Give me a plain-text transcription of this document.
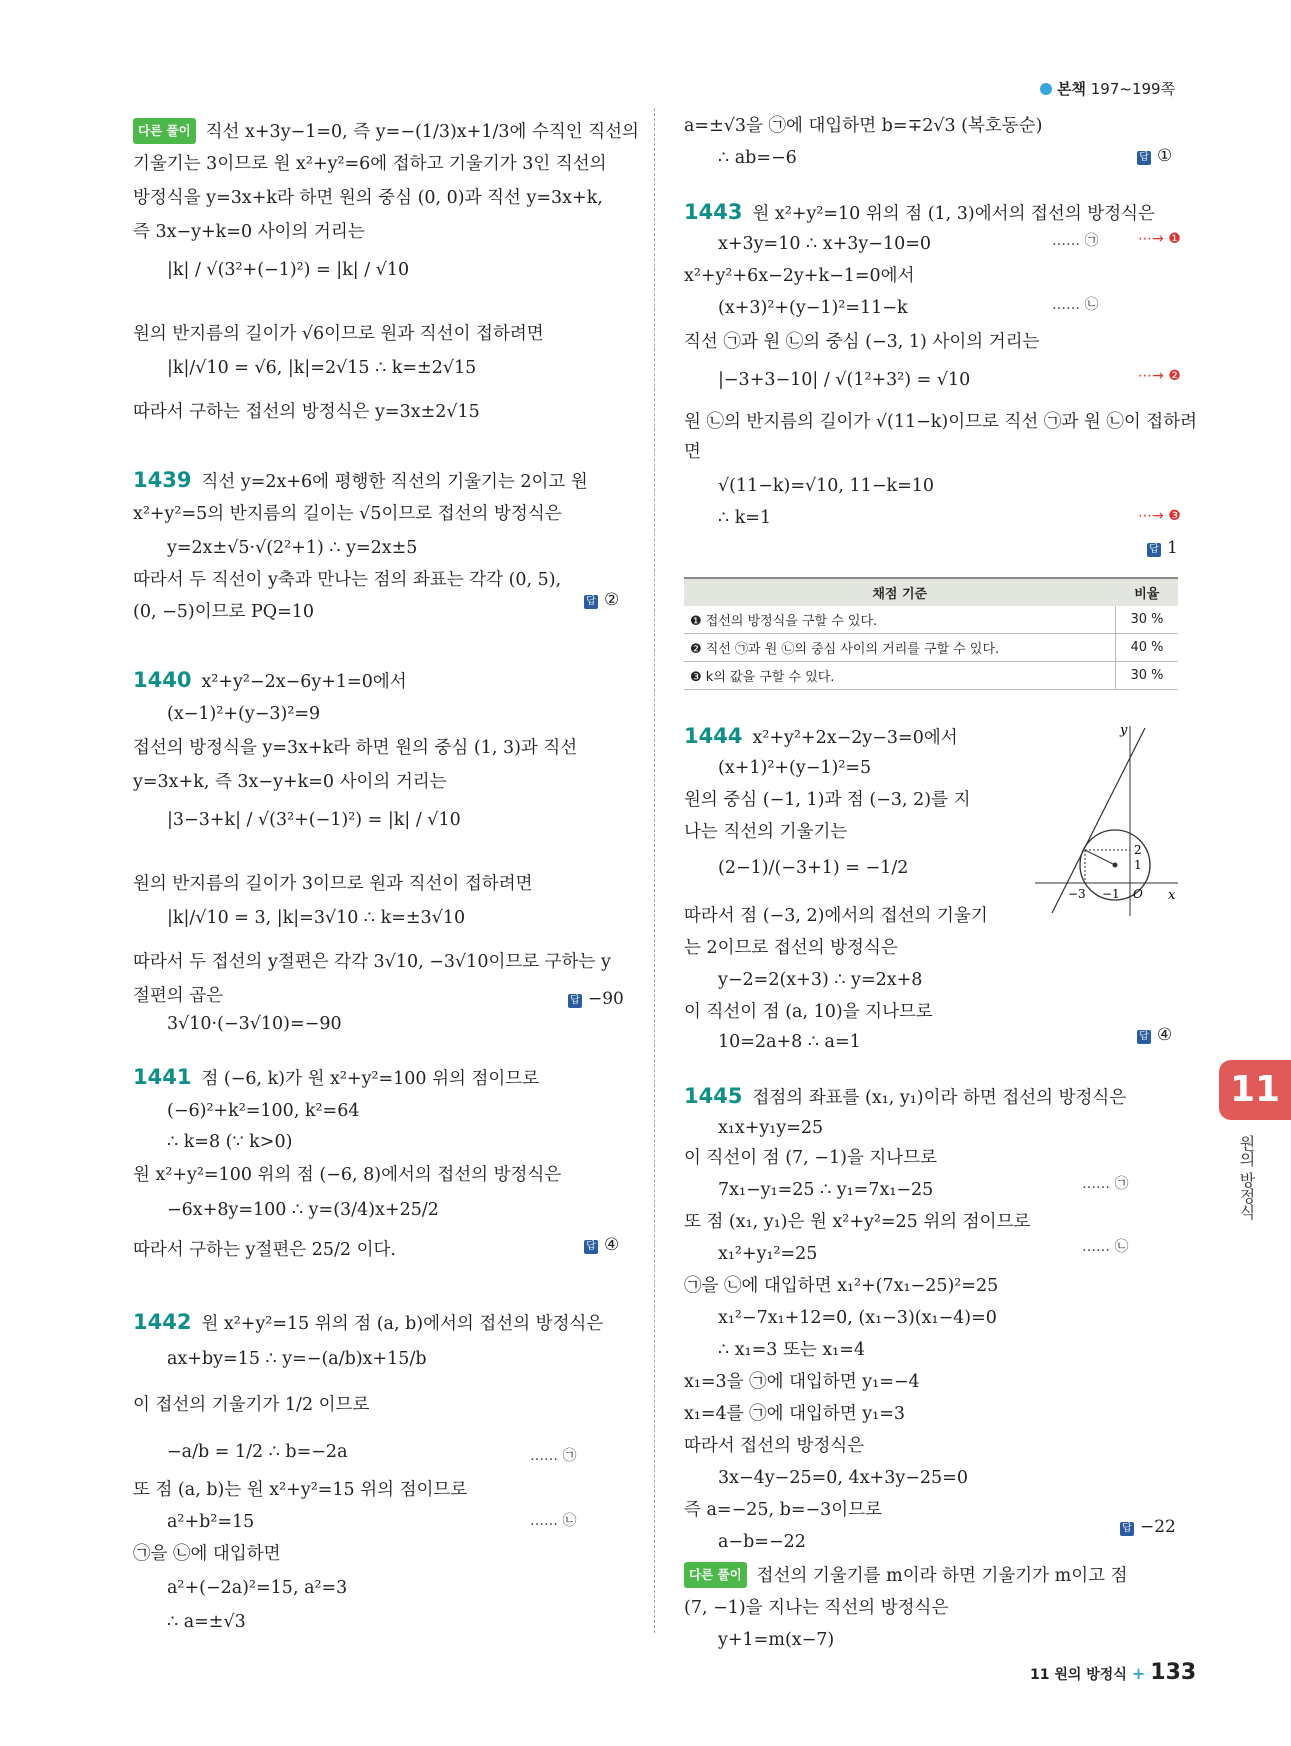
본책 197~199쪽
다른 풀이 직선 x+3y−1=0, 즉 y=−(1/3)x+1/3에 수직인 직선의
기울기는 3이므로 원 x²+y²=6에 접하고 기울기가 3인 직선의
방정식을 y=3x+k라 하면 원의 중심 (0, 0)과 직선 y=3x+k,
즉 3x−y+k=0 사이의 거리는
|k| / √(3²+(−1)²) = |k| / √10
원의 반지름의 길이가 √6이므로 원과 직선이 접하려면
|k|/√10 = √6, |k|=2√15 ∴ k=±2√15
따라서 구하는 접선의 방정식은 y=3x±2√15
1439 직선 y=2x+6에 평행한 직선의 기울기는 2이고 원
x²+y²=5의 반지름의 길이는 √5이므로 접선의 방정식은
y=2x±√5·√(2²+1) ∴ y=2x±5
따라서 두 직선이 y축과 만나는 점의 좌표는 각각 (0, 5),
(0, −5)이므로 PQ=10
1440 x²+y²−2x−6y+1=0에서
(x−1)²+(y−3)²=9
접선의 방정식을 y=3x+k라 하면 원의 중심 (1, 3)과 직선
y=3x+k, 즉 3x−y+k=0 사이의 거리는
|3−3+k| / √(3²+(−1)²) = |k| / √10
원의 반지름의 길이가 3이므로 원과 직선이 접하려면
|k|/√10 = 3, |k|=3√10 ∴ k=±3√10
따라서 두 접선의 y절편은 각각 3√10, −3√10이므로 구하는 y
절편의 곱은
3√10·(−3√10)=−90
1441 점 (−6, k)가 원 x²+y²=100 위의 점이므로
(−6)²+k²=100, k²=64
∴ k=8 (∵ k>0)
원 x²+y²=100 위의 점 (−6, 8)에서의 접선의 방정식은
−6x+8y=100 ∴ y=(3/4)x+25/2
따라서 구하는 y절편은 25/2 이다.
1442 원 x²+y²=15 위의 점 (a, b)에서의 접선의 방정식은
ax+by=15 ∴ y=−(a/b)x+15/b
이 접선의 기울기가 1/2 이므로
−a/b = 1/2 ∴ b=−2a
또 점 (a, b)는 원 x²+y²=15 위의 점이므로
a²+b²=15
㉠을 ㉡에 대입하면
a²+(−2a)²=15, a²=3
∴ a=±√3
a=±√3을 ㉠에 대입하면 b=∓2√3 (복호동순)
∴ ab=−6
1443 원 x²+y²=10 위의 점 (1, 3)에서의 접선의 방정식은
x+3y=10 ∴ x+3y−10=0
x²+y²+6x−2y+k−1=0에서
(x+3)²+(y−1)²=11−k
직선 ㉠과 원 ㉡의 중심 (−3, 1) 사이의 거리는
|−3+3−10| / √(1²+3²) = √10
원 ㉡의 반지름의 길이가 √(11−k)이므로 직선 ㉠과 원 ㉡이 접하려
면
√(11−k)=√10, 11−k=10
∴ k=1
1444 x²+y²+2x−2y−3=0에서
(x+1)²+(y−1)²=5
원의 중심 (−1, 1)과 점 (−3, 2)를 지
나는 직선의 기울기는
(2−1)/(−3+1) = −1/2
따라서 점 (−3, 2)에서의 접선의 기울기
는 2이므로 접선의 방정식은
y−2=2(x+3) ∴ y=2x+8
이 직선이 점 (a, 10)을 지나므로
10=2a+8 ∴ a=1
1445 접점의 좌표를 (x₁, y₁)이라 하면 접선의 방정식은
x₁x+y₁y=25
이 직선이 점 (7, −1)을 지나므로
7x₁−y₁=25 ∴ y₁=7x₁−25
또 점 (x₁, y₁)은 원 x²+y²=25 위의 점이므로
x₁²+y₁²=25
㉠을 ㉡에 대입하면 x₁²+(7x₁−25)²=25
x₁²−7x₁+12=0, (x₁−3)(x₁−4)=0
∴ x₁=3 또는 x₁=4
x₁=3을 ㉠에 대입하면 y₁=−4
x₁=4를 ㉠에 대입하면 y₁=3
따라서 접선의 방정식은
3x−4y−25=0, 4x+3y−25=0
즉 a=−25, b=−3이므로
a−b=−22
다른 풀이 접선의 기울기를 m이라 하면 기울기가 m이고 점
(7, −1)을 지나는 직선의 방정식은
y+1=m(x−7)
답 ②
답 −90
답 ④
…… ㉠
…… ㉡
답 ①
답 1
답 ④
답 −22
…… ㉠
…… ㉡
…… ㉠
…… ㉡
⋯→ ❶
⋯→ ❷
⋯→ ❸
채점 기준	비율
❶ 접선의 방정식을 구할 수 있다.	30 %
❷ 직선 ㉠과 원 ㉡의 중심 사이의 거리를 구할 수 있다.	40 %
❸ k의 값을 구할 수 있다.	30 %
y
x
2
1
−3 −1 O
11
원의 방정식
11 원의 방정식 + 133
